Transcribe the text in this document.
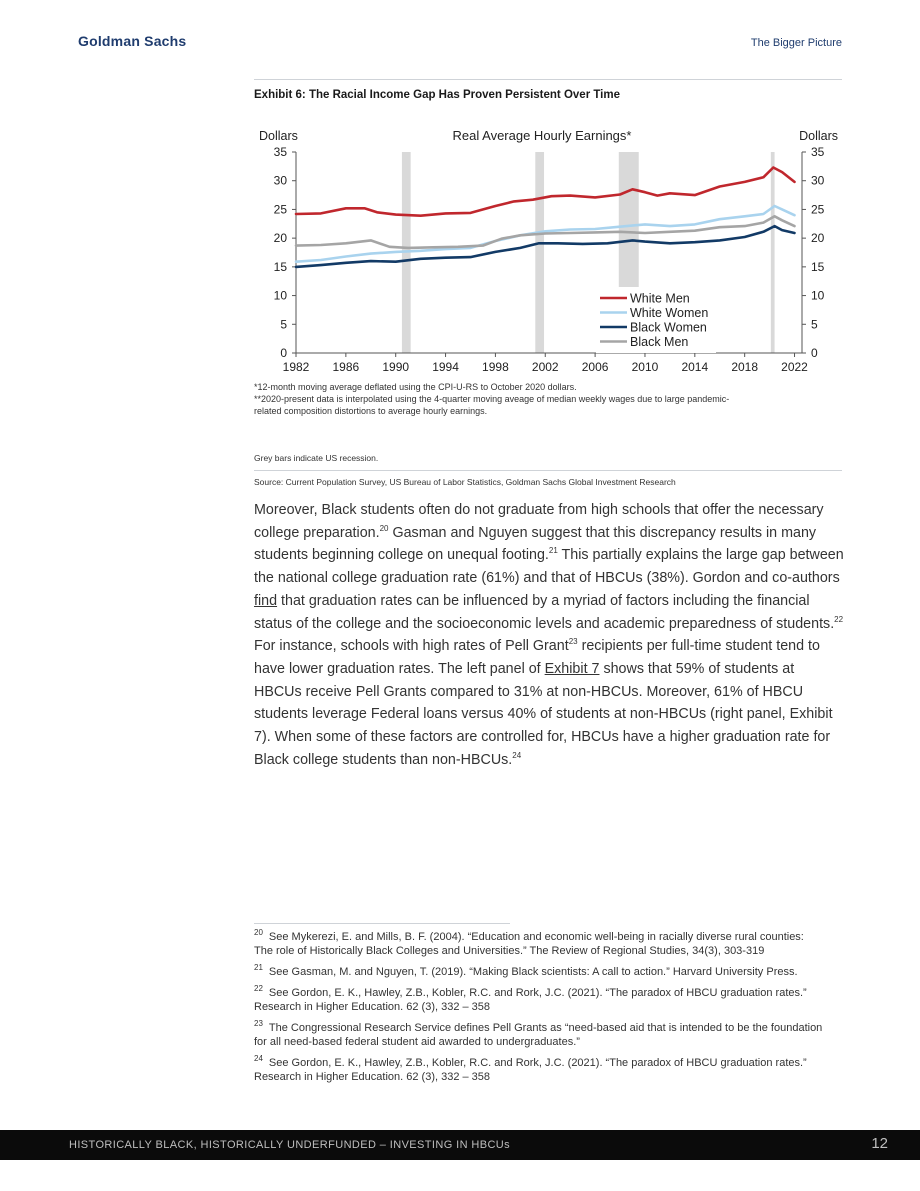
Goldman Sachs	The Bigger Picture
Exhibit 6: The Racial Income Gap Has Proven Persistent Over Time
0	0
5	5
10	10
15	15
20	20
25	25
30	30
35	35
1982 1986 1990 1994 1998 2002 2006 2010 2014 2018 2022
Dollars	Dollars
Real Average Hourly Earnings*
White Men
White Women
Black Women
Black Men
*12-month moving average deflated using the CPI-U-RS to October 2020 dollars.
**2020-present data is interpolated using the 4-quarter moving aveage of median weekly wages due to large pandemic-
related composition distortions to average hourly earnings.
Grey bars indicate US recession.
Source: Current Population Survey, US Bureau of Labor Statistics, Goldman Sachs Global Investment Research

Moreover, Black students often do not graduate from high schools that offer the necessary college preparation.$^{20}$ Gasman and Nguyen suggest that this discrepancy results in many students beginning college on unequal footing.$^{21}$ This partially explains the large gap between the national college graduation rate (61%) and that of HBCUs (38%). Gordon and co-authors find that graduation rates can be influenced by a myriad of factors including the financial status of the college and the socioeconomic levels and academic preparedness of students.$^{22}$ For instance, schools with high rates of Pell Grant$^{23}$ recipients per full-time student tend to have lower graduation rates. The left panel of Exhibit 7 shows that 59% of students at HBCUs receive Pell Grants compared to 31% at non-HBCUs. Moreover, 61% of HBCU students leverage Federal loans versus 40% of students at non-HBCUs (right panel, Exhibit 7). When some of these factors are controlled for, HBCUs have a higher graduation rate for Black college students than non-HBCUs.$^{24}$

$^{20}$ See Mykerezi, E. and Mills, B. F. (2004). “Education and economic well-being in racially diverse rural counties: The role of Historically Black Colleges and Universities.” The Review of Regional Studies, 34(3), 303-319
$^{21}$ See Gasman, M. and Nguyen, T. (2019). “Making Black scientists: A call to action.” Harvard University Press.
$^{22}$ See Gordon, E. K., Hawley, Z.B., Kobler, R.C. and Rork, J.C. (2021). “The paradox of HBCU graduation rates.” Research in Higher Education. 62 (3), 332 – 358
$^{23}$ The Congressional Research Service defines Pell Grants as “need-based aid that is intended to be the foundation for all need-based federal student aid awarded to undergraduates.”
$^{24}$ See Gordon, E. K., Hawley, Z.B., Kobler, R.C. and Rork, J.C. (2021). “The paradox of HBCU graduation rates.” Research in Higher Education. 62 (3), 332 – 358
HISTORICALLY BLACK, HISTORICALLY UNDERFUNDED – INVESTING IN HBCUs	12
